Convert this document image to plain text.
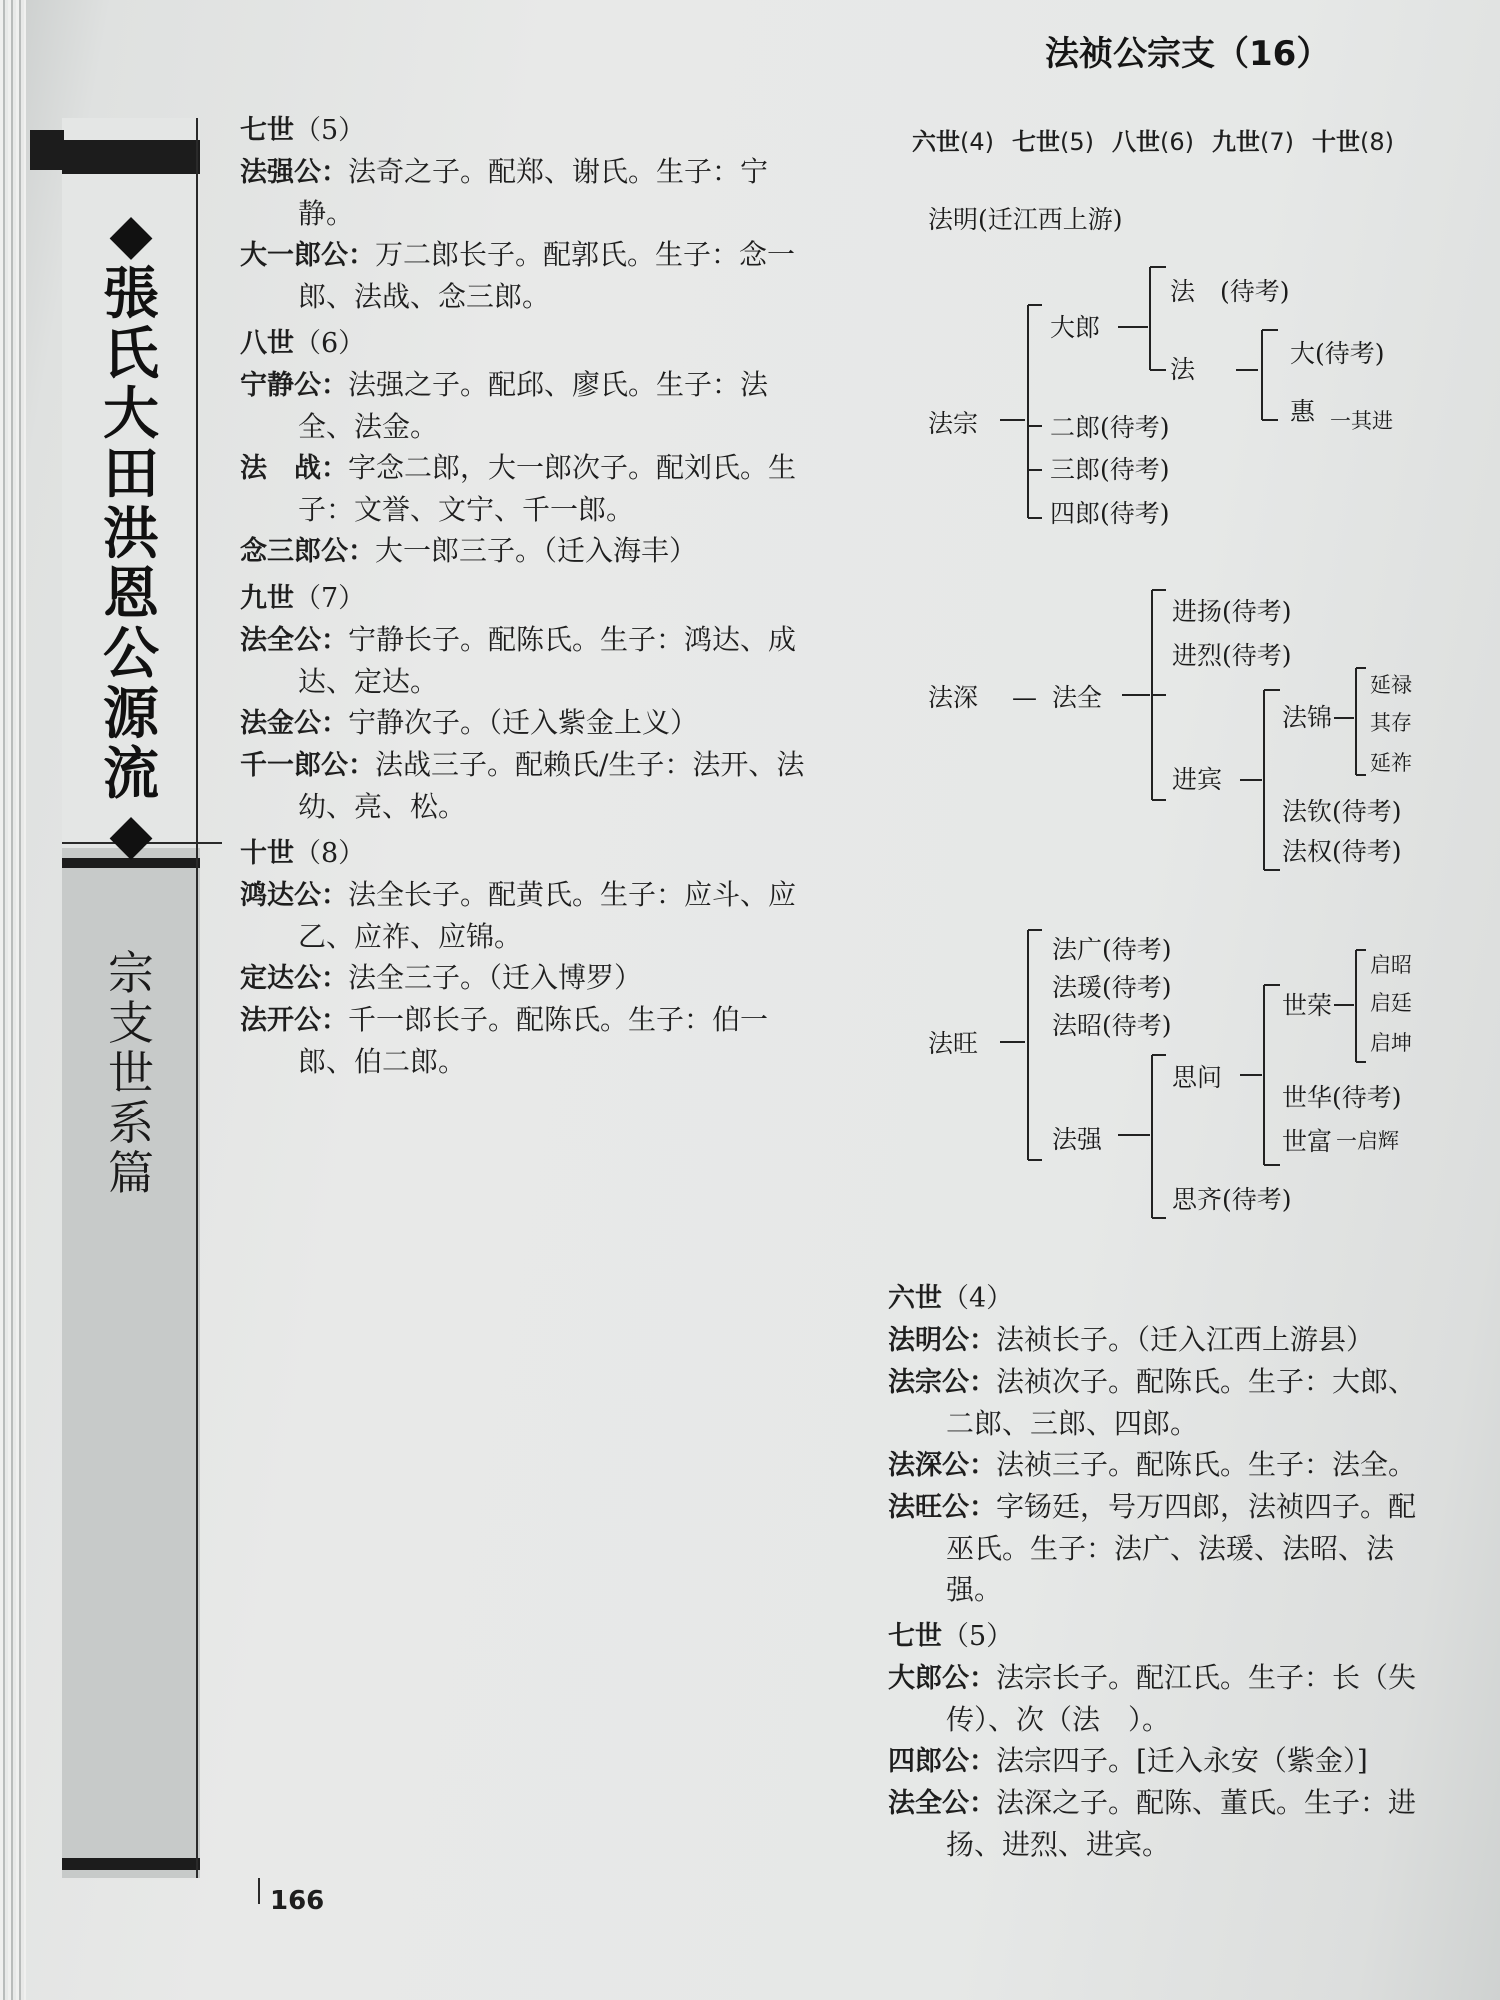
◆
張
氏
大
田
洪
恩
公
源
流
◆
宗
支
世
系
篇
166

七世（5）

法强公：法奇之子。配郑、谢氏。生子：宁静。

大一郎公：万二郎长子。配郭氏。生子：念一郎、法战、念三郎。

八世（6）

宁静公：法强之子。配邱、廖氏。生子：法全、法金。

法　战：字念二郎，大一郎次子。配刘氏。生子：文誉、文宁、千一郎。

念三郎公：大一郎三子。（迁入海丰）

九世（7）

法全公：宁静长子。配陈氏。生子：鸿达、成达、定达。

法金公：宁静次子。（迁入紫金上义）

千一郎公：法战三子。配赖氏/生子：法开、法幼、亮、松。

十世（8）

鸿达公：法全长子。配黄氏。生子：应斗、应乙、应祚、应锦。

定达公：法全三子。（迁入博罗）

法开公：千一郎长子。配陈氏。生子：伯一郎、伯二郎。

法祯公宗支（16）
六世(4) 七世(5) 八世(6) 九世(7) 十世(8)
法明(迁江西上游)
法宗
大郎
法　(待考)
法
大(待考)
惠 一其进
二郎(待考)
三郎(待考)
四郎(待考)
法深 — 法全
进扬(待考)
进烈(待考)
进宾
法锦
延禄
其存
延祚
法钦(待考)
法权(待考)
法旺
法广(待考)
法瑗(待考)
法昭(待考)
法强
思问
世荣
启昭
启廷
启坤
世华(待考)
世富 一启辉
思齐(待考)

六世（4）

法明公：法祯长子。（迁入江西上游县）

法宗公：法祯次子。配陈氏。生子：大郎、二郎、三郎、四郎。

法深公：法祯三子。配陈氏。生子：法全。

法旺公：字钖廷，号万四郎，法祯四子。配巫氏。生子：法广、法瑗、法昭、法强。

七世（5）

大郎公：法宗长子。配江氏。生子：长（失传）、次（法　）。

四郎公：法宗四子。[迁入永安（紫金）]

法全公：法深之子。配陈、董氏。生子：进扬、进烈、进宾。
